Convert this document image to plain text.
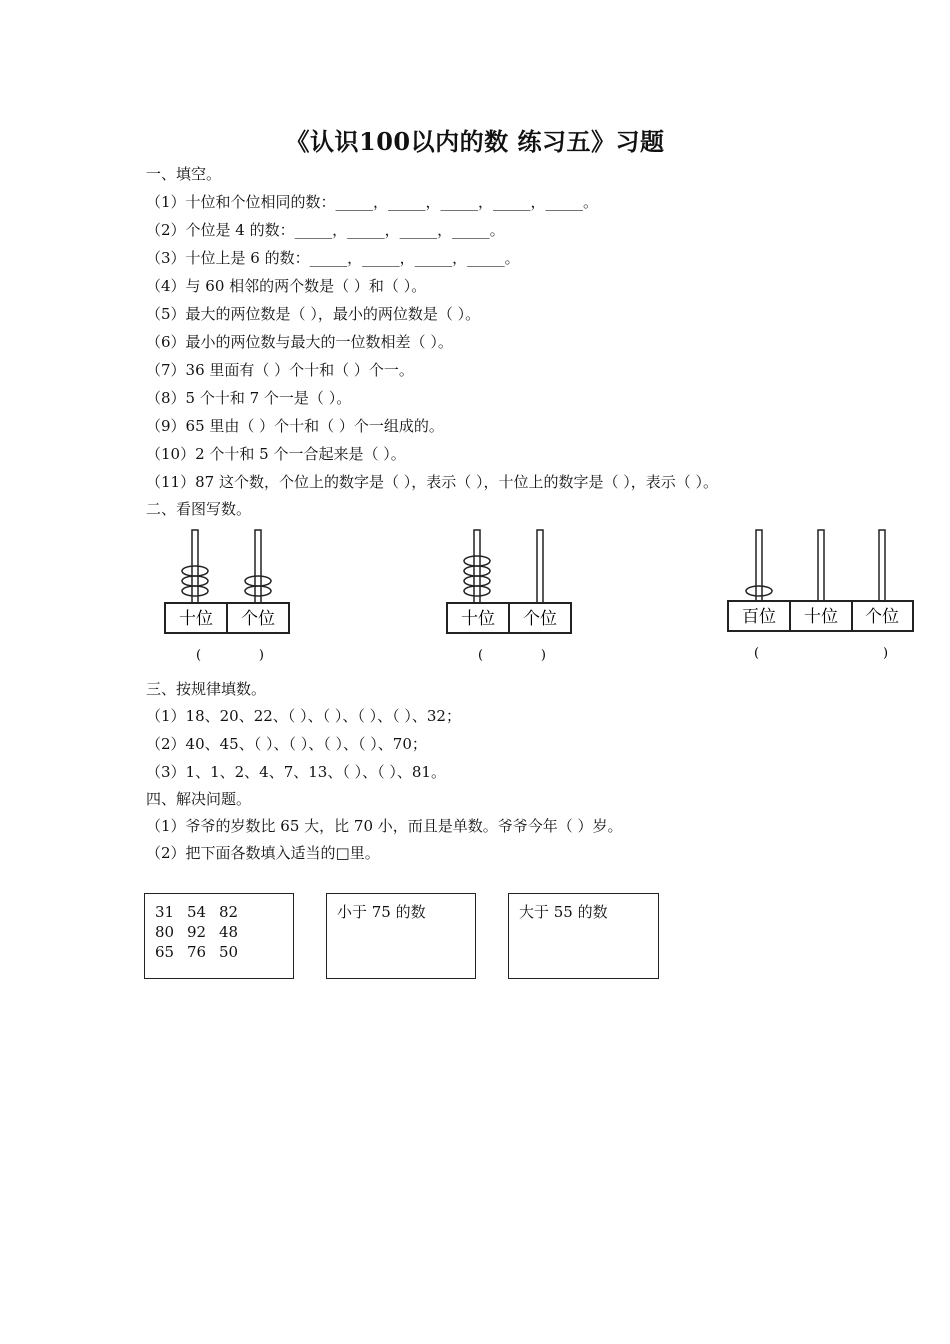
《认识100以内的数 练习五》习题
一、填空。
（1）十位和个位相同的数：_____，_____，_____，_____，_____。
（2）个位是 4 的数：_____，_____，_____，_____。
（3）十位上是 6 的数：_____，_____，_____，_____。
（4）与 60 相邻的两个数是（ ）和（ ）。
（5）最大的两位数是（ ），最小的两位数是（ ）。
（6）最小的两位数与最大的一位数相差（ ）。
（7）36 里面有（ ）个十和（ ）个一。
（8）5 个十和 7 个一是（ ）。
（9）65 里由（ ）个十和（ ）个一组成的。
（10）2 个十和 5 个一合起来是（ ）。
（11）87 这个数，个位上的数字是（ ），表示（ ），十位上的数字是（ ），表示（ ）。
二、看图写数。
十位 个位
(              )
十位 个位
(              )
百位 十位 个位
(                              )
三、按规律填数。
（1）18、20、22、（ ）、（ ）、（ ）、（ ）、32；
（2）40、45、（ ）、（ ）、（ ）、（ ）、70；
（3）1、1、2、4、7、13、（ ）、（ ）、81。
四、解决问题。
（1）爷爷的岁数比 65 大，比 70 小，而且是单数。爷爷今年（ ）岁。
（2）把下面各数填入适当的□里。
31 54 82
80 92 48
65 76 50
小于 75 的数	大于 55 的数
